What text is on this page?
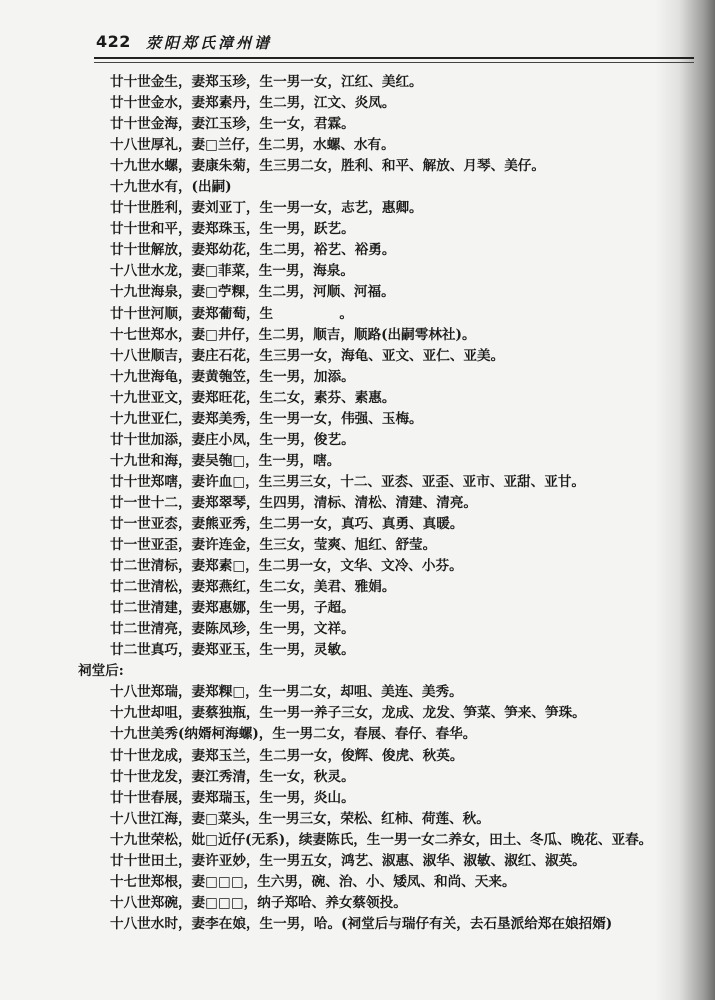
422 荥阳郑氏漳州谱
廿十世金生，妻郑玉珍，生一男一女，江红、美红。
廿十世金水，妻郑素丹，生二男，江文、炎凤。
廿十世金海，妻江玉珍，生一女，君霖。
十八世厚礼，妻□兰仔，生二男，水螺、水有。
十九世水螺，妻康朱菊，生三男二女，胜利、和平、解放、月琴、美仔。
十九世水有，(出嗣)
廿十世胜利，妻刘亚丁，生一男一女，志艺，惠卿。
廿十世和平，妻郑珠玉，生一男，跃艺。
廿十世解放，妻郑幼花，生二男，裕艺、裕勇。
十八世水龙，妻□菲菜，生一男，海泉。
十九世海泉，妻□苧粿，生二男，河顺、河福。
廿十世河顺，妻郑葡萄，生              。
十七世郑水，妻□井仔，生二男，顺吉，顺路(出嗣雩林社)。
十八世顺吉，妻庄石花，生三男一女，海龟、亚文、亚仁、亚美。
十九世海龟，妻黄匏笠，生一男，加添。
十九世亚文，妻郑旺花，生二女，素芬、素惠。
十九世亚仁，妻郑美秀，生一男一女，伟强、玉梅。
廿十世加添，妻庄小凤，生一男，俊艺。
十九世和海，妻吴匏□，生一男，嗐。
廿十世郑嗐，妻许血□，生三男三女，十二、亚枩、亚歪、亚市、亚甜、亚甘。
廿一世十二，妻郑翠琴，生四男，清标、清松、清建、清亮。
廿一世亚枩，妻熊亚秀，生二男一女，真巧、真勇、真暖。
廿一世亚歪，妻许连金，生三女，莹爽、旭红、舒莹。
廿二世清标，妻郑素□，生二男一女，文华、文冷、小芬。
廿二世清松，妻郑燕红，生二女，美君、雅娟。
廿二世清建，妻郑惠娜，生一男，子超。
廿二世清亮，妻陈凤珍，生一男，文祥。
廿二世真巧，妻郑亚玉，生一男，灵敏。
祠堂后:
十八世郑瑞，妻郑粿□，生一男二女，却咀、美连、美秀。
十九世却咀，妻蔡独瓶，生一男一养子三女，龙成、龙发、笋菜、笋来、笋珠。
十九世美秀(纳婿柯海螺)，生一男二女，春展、春仔、春华。
廿十世龙成，妻郑玉兰，生二男一女，俊辉、俊虎、秋英。
廿十世龙发，妻江秀清，生一女，秋灵。
廿十世春展，妻郑瑞玉，生一男，炎山。
十八世江海，妻□菜头，生一男三女，荣松、红柿、荷莲、秋。
十九世荣松，妣□近仔(无系)，续妻陈氏，生一男一女二养女，田土、冬瓜、晚花、亚春。
廿十世田土，妻许亚妙，生一男五女，鸿艺、淑惠、淑华、淑敏、淑红、淑英。
十七世郑根，妻□□□，生六男，碗、治、小、矮凤、和尚、天来。
十八世郑碗，妻□□□，纳子郑哈、养女蔡领投。
十八世水时，妻李在娘，生一男，哈。(祠堂后与瑞仔有关，去石垦派给郑在娘招婿)
